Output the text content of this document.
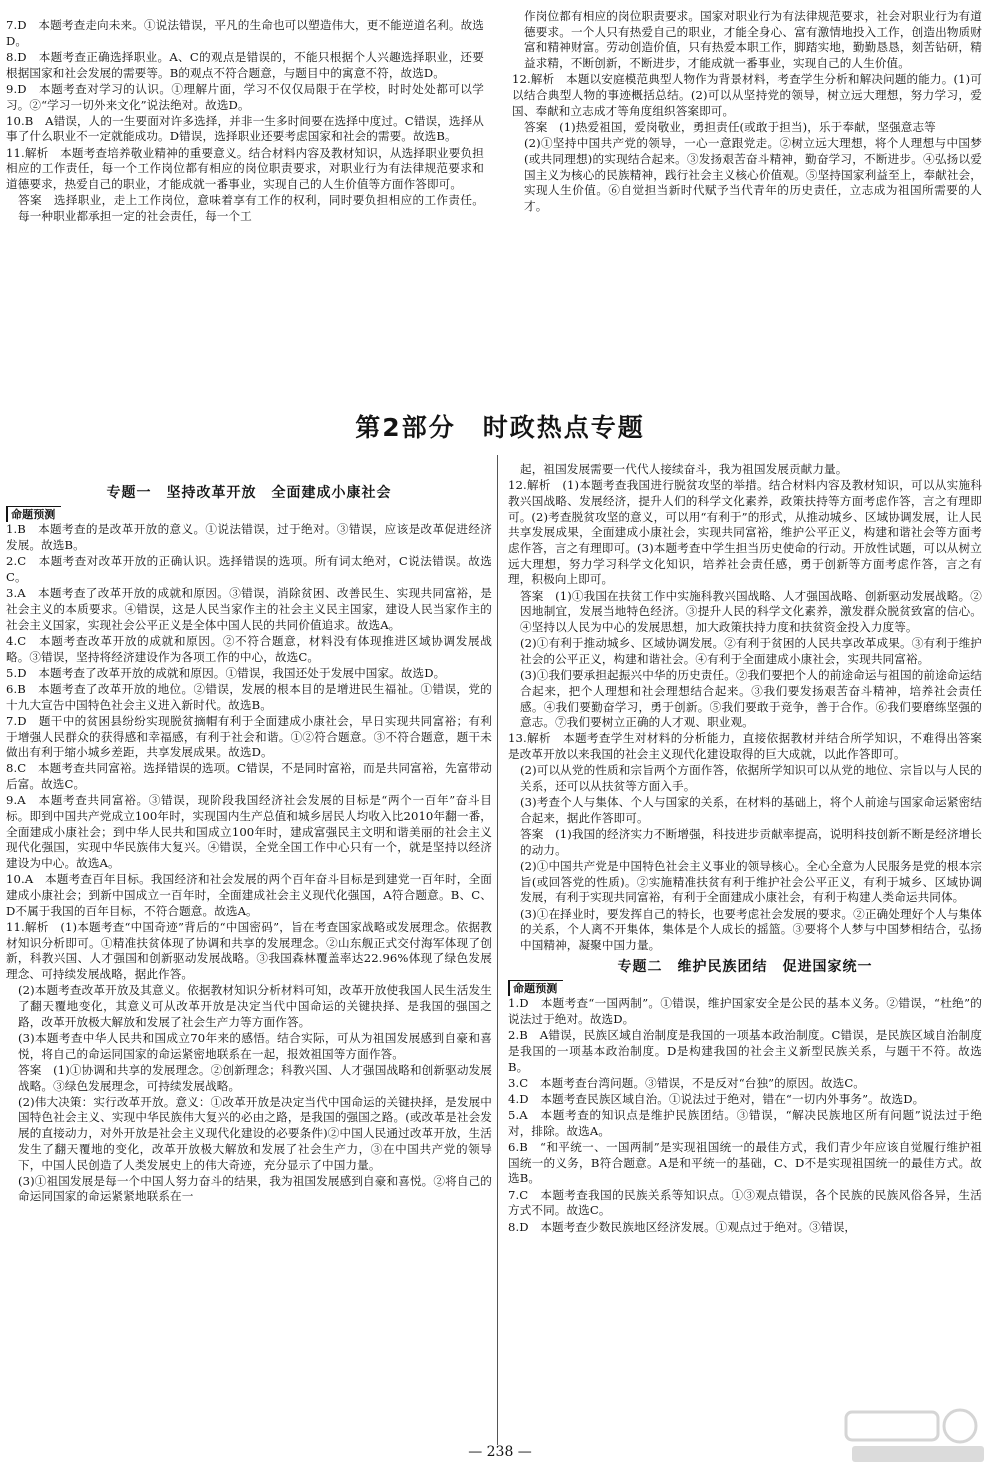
7.D　本题考查走向未来。①说法错误，平凡的生命也可以塑造伟大，更不能逆道名利。故选D。

8.D　本题考查正确选择职业。A、C的观点是错误的，不能只根据个人兴趣选择职业，还要根据国家和社会发展的需要等。B的观点不符合题意，与题目中的寓意不符，故选D。

9.D　本题考查对学习的认识。①理解片面，学习不仅仅局限于在学校，时时处处都可以学习。②“学习一切外来文化”说法绝对。故选D。

10.B　A错误，人的一生要面对许多选择，并非一生多时间要在选择中度过。C错误，选择从事了什么职业不一定就能成功。D错误，选择职业还要考虑国家和社会的需要。故选B。

11.解析　本题考查培养敬业精神的重要意义。结合材料内容及教材知识，从选择职业要负担相应的工作责任，每一个工作岗位都有相应的岗位职责要求，对职业行为有法律规范要求和道德要求，热爱自己的职业，才能成就一番事业，实现自己的人生价值等方面作答即可。

答案　选择职业，走上工作岗位，意味着享有工作的权利，同时要负担相应的工作责任。每一种职业都承担一定的社会责任，每一个工

作岗位都有相应的岗位职责要求。国家对职业行为有法律规范要求，社会对职业行为有道德要求。一个人只有热爱自己的职业，才能全身心、富有激情地投入工作，创造出物质财富和精神财富。劳动创造价值，只有热爱本职工作，脚踏实地，勤勤恳恳，刻苦钻研，精益求精，不断创新，不断进步，才能成就一番事业，实现自己的人生价值。

12.解析　本题以安庭模范典型人物作为背景材料，考查学生分析和解决问题的能力。(1)可以结合典型人物的事迹概括总结。(2)可以从坚持党的领导，树立远大理想，努力学习，爱国、奉献和立志成才等角度组织答案即可。

答案　(1)热爱祖国，爱岗敬业，勇担责任(或敢于担当)，乐于奉献，坚强意志等

(2)①坚持中国共产党的领导，一心一意跟党走。②树立远大理想，将个人理想与中国梦(或共同理想)的实现结合起来。③发扬艰苦奋斗精神，勤奋学习，不断进步。④弘扬以爱国主义为核心的民族精神，践行社会主义核心价值观。⑤坚持国家利益至上，奉献社会，实现人生价值。⑥自觉担当新时代赋予当代青年的历史责任，立志成为祖国所需要的人才。

第2部分　时政热点专题
专题一　坚持改革开放　全面建成小康社会
命题预测

1.B　本题考查的是改革开放的意义。①说法错误，过于绝对。③错误，应该是改革促进经济发展。故选B。

2.C　本题考查对改革开放的正确认识。选择错误的选项。所有词太绝对，C说法错误。故选C。

3.A　本题考查了改革开放的成就和原因。③错误，消除贫困、改善民生、实现共同富裕，是社会主义的本质要求。④错误，这是人民当家作主的社会主义民主国家，建设人民当家作主的社会主义国家，实现社会公平正义是全体中国人民的共同价值追求。故选A。

4.C　本题考查改革开放的成就和原因。②不符合题意，材料没有体现推进区域协调发展战略。③错误，坚持将经济建设作为各项工作的中心，故选C。

5.D　本题考查了改革开放的成就和原因。①错误，我国还处于发展中国家。故选D。

6.B　本题考查了改革开放的地位。②错误，发展的根本目的是增进民生福祉。①错误，党的十九大宣告中国特色社会主义进入新时代。故选B。

7.D　题干中的贫困县纷纷实现脱贫摘帽有利于全面建成小康社会，早日实现共同富裕；有利于增强人民群众的获得感和幸福感，有利于社会和谐。①②符合题意。③不符合题意，题干未做出有利于缩小城乡差距，共享发展成果。故选D。

8.C　本题考查共同富裕。选择错误的选项。C错误，不是同时富裕，而是共同富裕，先富带动后富。故选C。

9.A　本题考查共同富裕。③错误，现阶段我国经济社会发展的目标是“两个一百年”奋斗目标。即到中国共产党成立100年时，实现国内生产总值和城乡居民人均收入比2010年翻一番，全面建成小康社会；到中华人民共和国成立100年时，建成富强民主文明和谐美丽的社会主义现代化强国，实现中华民族伟大复兴。④错误，全党全国工作中心只有一个，就是坚持以经济建设为中心。故选A。

10.A　本题考查百年目标。我国经济和社会发展的两个百年奋斗目标是到建党一百年时，全面建成小康社会；到新中国成立一百年时，全面建成社会主义现代化强国，A符合题意。B、C、D不属于我国的百年目标，不符合题意。故选A。

11.解析　(1)本题考查“中国奇迹”背后的“中国密码”，旨在考查国家战略或发展理念。依据教材知识分析即可。①精准扶贫体现了协调和共享的发展理念。②山东舰正式交付海军体现了创新，科教兴国、人才强国和创新驱动发展战略。③我国森林覆盖率达22.96%体现了绿色发展理念、可持续发展战略，据此作答。

(2)本题考查改革开放及其意义。依据教材知识分析材料可知，改革开放使我国人民生活发生了翻天覆地变化，其意义可从改革开放是决定当代中国命运的关键抉择、是我国的强国之路，改革开放极大解放和发展了社会生产力等方面作答。

(3)本题考查中华人民共和国成立70年来的感悟。结合实际，可从为祖国发展感到自豪和喜悦，将自己的命运同国家的命运紧密地联系在一起，报效祖国等方面作答。

答案　(1)①协调和共享的发展理念。②创新理念；科教兴国、人才强国战略和创新驱动发展战略。③绿色发展理念，可持续发展战略。

(2)伟大决策：实行改革开放。意义：①改革开放是决定当代中国命运的关键抉择，是发展中国特色社会主义、实现中华民族伟大复兴的必由之路，是我国的强国之路。(或改革是社会发展的直接动力，对外开放是社会主义现代化建设的必要条件)②中国人民通过改革开放，生活发生了翻天覆地的变化，改革开放极大解放和发展了社会生产力，③在中国共产党的领导下，中国人民创造了人类发展史上的伟大奇迹，充分显示了中国力量。

(3)①祖国发展是每一个中国人努力奋斗的结果，我为祖国发展感到自豪和喜悦。②将自己的命运同国家的命运紧紧地联系在一

起，祖国发展需要一代代人接续奋斗，我为祖国发展贡献力量。

12.解析　(1)本题考查我国进行脱贫攻坚的举措。结合材料内容及教材知识，可以从实施科教兴国战略、发展经济，提升人们的科学文化素养，政策扶持等方面考虑作答，言之有理即可。(2)考查脱贫攻坚的意义，可以用“有利于”的形式，从推动城乡、区域协调发展，让人民共享发展成果，全面建成小康社会，实现共同富裕，维护公平正义，构建和谐社会等方面考虑作答，言之有理即可。(3)本题考查中学生担当历史使命的行动。开放性试题，可以从树立远大理想，努力学习科学文化知识，培养社会责任感，勇于创新等方面考虑作答，言之有理，积极向上即可。

答案　(1)①我国在扶贫工作中实施科教兴国战略、人才强国战略、创新驱动发展战略。②因地制宜，发展当地特色经济。③提升人民的科学文化素养，激发群众脱贫致富的信心。④坚持以人民为中心的发展思想，加大政策扶持力度和扶贫资金投入力度等。

(2)①有利于推动城乡、区域协调发展。②有利于贫困的人民共享改革成果。③有利于维护社会的公平正义，构建和谐社会。④有利于全面建成小康社会，实现共同富裕。

(3)①我们要承担起振兴中华的历史责任。②我们要把个人的前途命运与祖国的前途命运结合起来，把个人理想和社会理想结合起来。③我们要发扬艰苦奋斗精神，培养社会责任感。④我们要勤奋学习，勇于创新。⑤我们要敢于竞争，善于合作。⑥我们要磨练坚强的意志。⑦我们要树立正确的人才观、职业观。

13.解析　本题考查学生对材料的分析能力，直接依据教材并结合所学知识，不难得出答案是改革开放以来我国的社会主义现代化建设取得的巨大成就，以此作答即可。

(2)可以从党的性质和宗旨两个方面作答，依据所学知识可以从党的地位、宗旨以与人民的关系，还可以从扶贫等方面入手。

(3)考查个人与集体、个人与国家的关系，在材料的基础上，将个人前途与国家命运紧密结合起来，据此作答即可。

答案　(1)我国的经济实力不断增强，科技进步贡献率提高，说明科技创新不断是经济增长的动力。

(2)①中国共产党是中国特色社会主义事业的领导核心。全心全意为人民服务是党的根本宗旨(或回答党的性质)。②实施精准扶贫有利于维护社会公平正义，有利于城乡、区域协调发展，有利于实现共同富裕，有利于全面建成小康社会，有利于构建人类命运共同体。

(3)①在择业时，要发挥自己的特长，也要考虑社会发展的要求。②正确处理好个人与集体的关系，个人离不开集体，集体是个人成长的摇篮。③要将个人梦与中国梦相结合，弘扬中国精神，凝聚中国力量。

专题二　维护民族团结　促进国家统一
命题预测

1.D　本题考查“一国两制”。①错误，维护国家安全是公民的基本义务。②错误，“杜绝”的说法过于绝对。故选D。

2.B　A错误，民族区域自治制度是我国的一项基本政治制度。C错误，是民族区域自治制度是我国的一项基本政治制度。D是构建我国的社会主义新型民族关系，与题干不符。故选B。

3.C　本题考查台湾问题。③错误，不是反对“台独”的原因。故选C。

4.D　本题考查民族区域自治。①说法过于绝对，错在“一切内外事务”。故选D。

5.A　本题考查的知识点是维护民族团结。③错误，“解决民族地区所有问题”说法过于绝对，排除。故选A。

6.B　“和平统一、一国两制”是实现祖国统一的最佳方式，我们青少年应该自觉履行维护祖国统一的义务，B符合题意。A是和平统一的基础，C、D不是实现祖国统一的最佳方式。故选B。

7.C　本题考查我国的民族关系等知识点。①③观点错误，各个民族的民族风俗各异，生活方式不同。故选C。

8.D　本题考查少数民族地区经济发展。①观点过于绝对。③错误，

— 238 —
